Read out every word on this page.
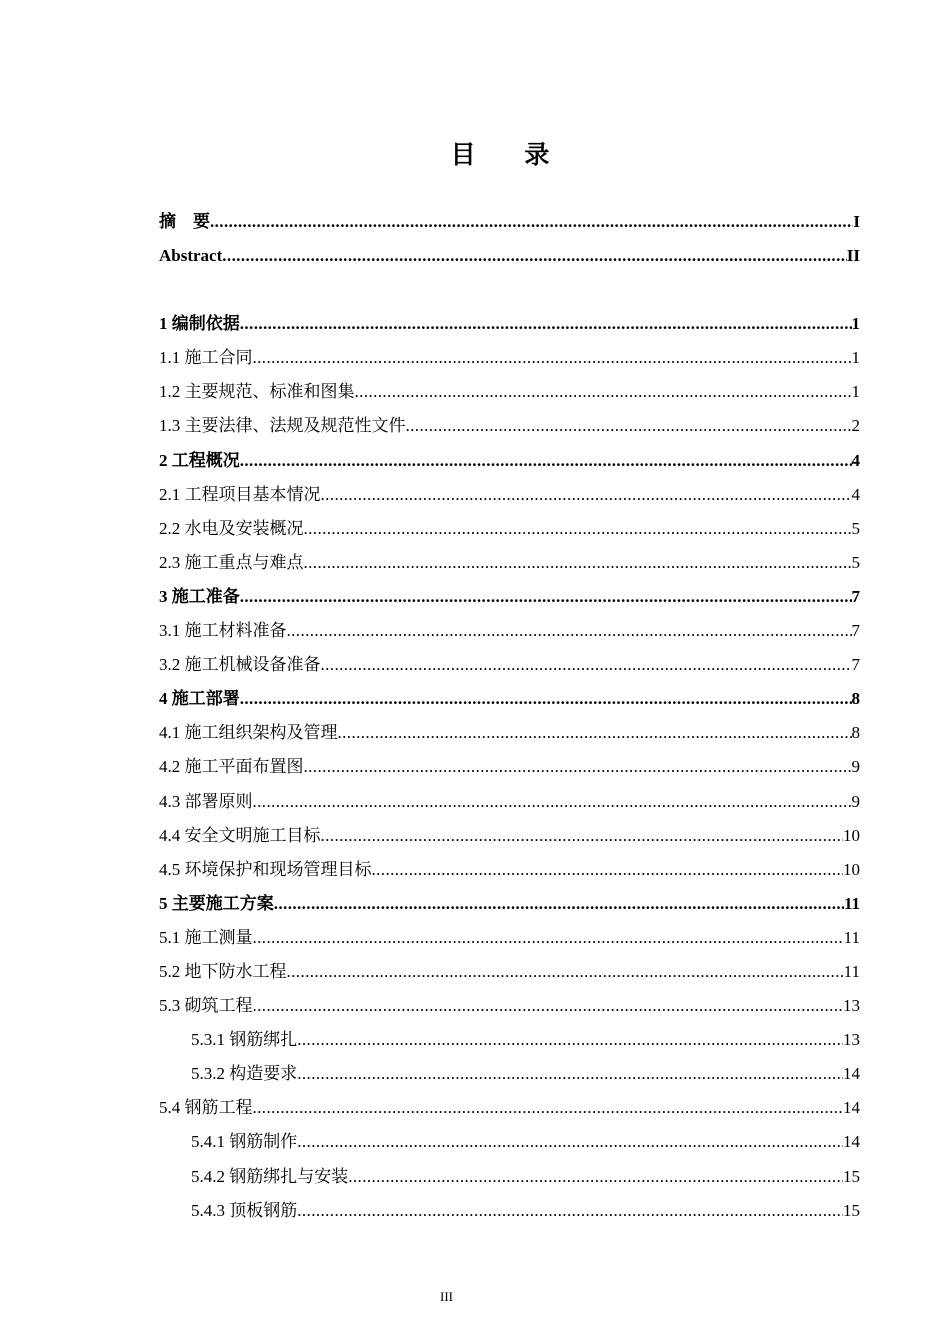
目 录
摘　要 .....	I
Abstract .....	II
1 编制依据 .....	1
1.1 施工合同 .....	1
1.2 主要规范、标准和图集 .....	1
1.3 主要法律、法规及规范性文件 .....	2
2 工程概况 .....	4
2.1 工程项目基本情况 .....	4
2.2 水电及安装概况 .....	5
2.3 施工重点与难点 .....	5
3 施工准备 .....	7
3.1 施工材料准备 .....	7
3.2 施工机械设备准备 .....	7
4 施工部署 .....	8
4.1 施工组织架构及管理 .....	8
4.2 施工平面布置图 .....	9
4.3 部署原则 .....	9
4.4 安全文明施工目标 .....	10
4.5 环境保护和现场管理目标 .....	10
5 主要施工方案 .....	11
5.1 施工测量 .....	11
5.2 地下防水工程 .....	11
5.3 砌筑工程 .....	13
5.3.1 钢筋绑扎 .....	13
5.3.2 构造要求 .....	14
5.4 钢筋工程 .....	14
5.4.1 钢筋制作 .....	14
5.4.2 钢筋绑扎与安装 .....	15
5.4.3 顶板钢筋 .....	15
III
